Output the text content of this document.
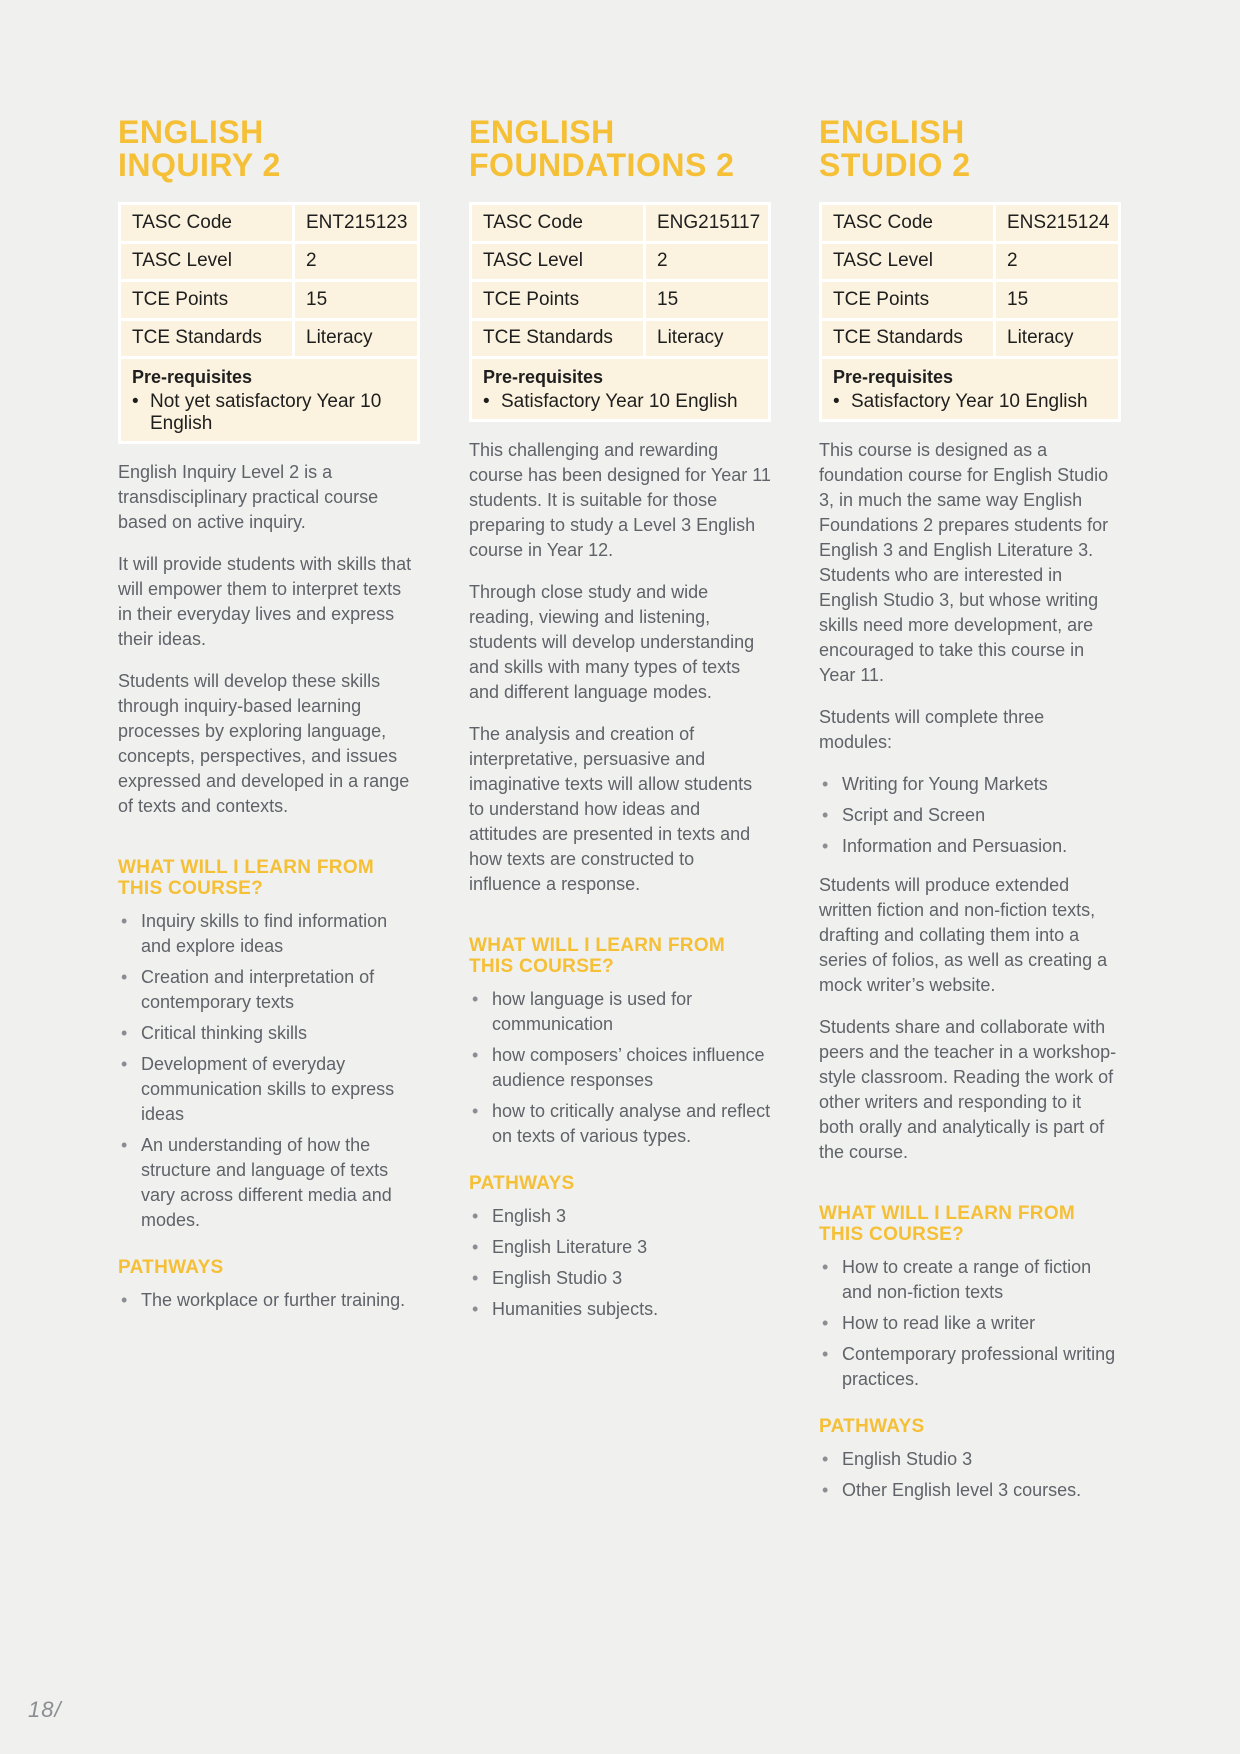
ENGLISH
INQUIRY 2
TASC Code	ENT215123
TASC Level	2
TCE Points	15
TCE Standards	Literacy
Pre-requisites
• Not yet satisfactory Year 10 English

English Inquiry Level 2 is a transdisciplinary practical course based on active inquiry.

It will provide students with skills that will empower them to interpret texts in their everyday lives and express their ideas.

Students will develop these skills through inquiry-based learning processes by exploring language, concepts, perspectives, and issues expressed and developed in a range of texts and contexts.

WHAT WILL I LEARN FROM THIS COURSE?
• Inquiry skills to find information and explore ideas
• Creation and interpretation of contemporary texts
• Critical thinking skills
• Development of everyday communication skills to express ideas
• An understanding of how the structure and language of texts vary across different media and modes.
PATHWAYS
• The workplace or further training.
ENGLISH
FOUNDATIONS 2
TASC Code	ENG215117
TASC Level	2
TCE Points	15
TCE Standards	Literacy
Pre-requisites
• Satisfactory Year 10 English

This challenging and rewarding course has been designed for Year 11 students. It is suitable for those preparing to study a Level 3 English course in Year 12.

Through close study and wide reading, viewing and listening, students will develop understanding and skills with many types of texts and different language modes.

The analysis and creation of interpretative, persuasive and imaginative texts will allow students to understand how ideas and attitudes are presented in texts and how texts are constructed to influence a response.

WHAT WILL I LEARN FROM THIS COURSE?
• how language is used for communication
• how composers’ choices influence audience responses
• how to critically analyse and reflect on texts of various types.
PATHWAYS
• English 3
• English Literature 3
• English Studio 3
• Humanities subjects.
ENGLISH
STUDIO 2
TASC Code	ENS215124
TASC Level	2
TCE Points	15
TCE Standards	Literacy
Pre-requisites
• Satisfactory Year 10 English

This course is designed as a foundation course for English Studio 3, in much the same way English Foundations 2 prepares students for English 3 and English Literature 3. Students who are interested in English Studio 3, but whose writing skills need more development, are encouraged to take this course in Year 11.

Students will complete three modules:

• Writing for Young Markets
• Script and Screen
• Information and Persuasion.

Students will produce extended written fiction and non-fiction texts, drafting and collating them into a series of folios, as well as creating a mock writer’s website.

Students share and collaborate with peers and the teacher in a workshop-style classroom. Reading the work of other writers and responding to it both orally and analytically is part of the course.

WHAT WILL I LEARN FROM THIS COURSE?
• How to create a range of fiction and non-fiction texts
• How to read like a writer
• Contemporary professional writing practices.
PATHWAYS
• English Studio 3
• Other English level 3 courses.
18/
